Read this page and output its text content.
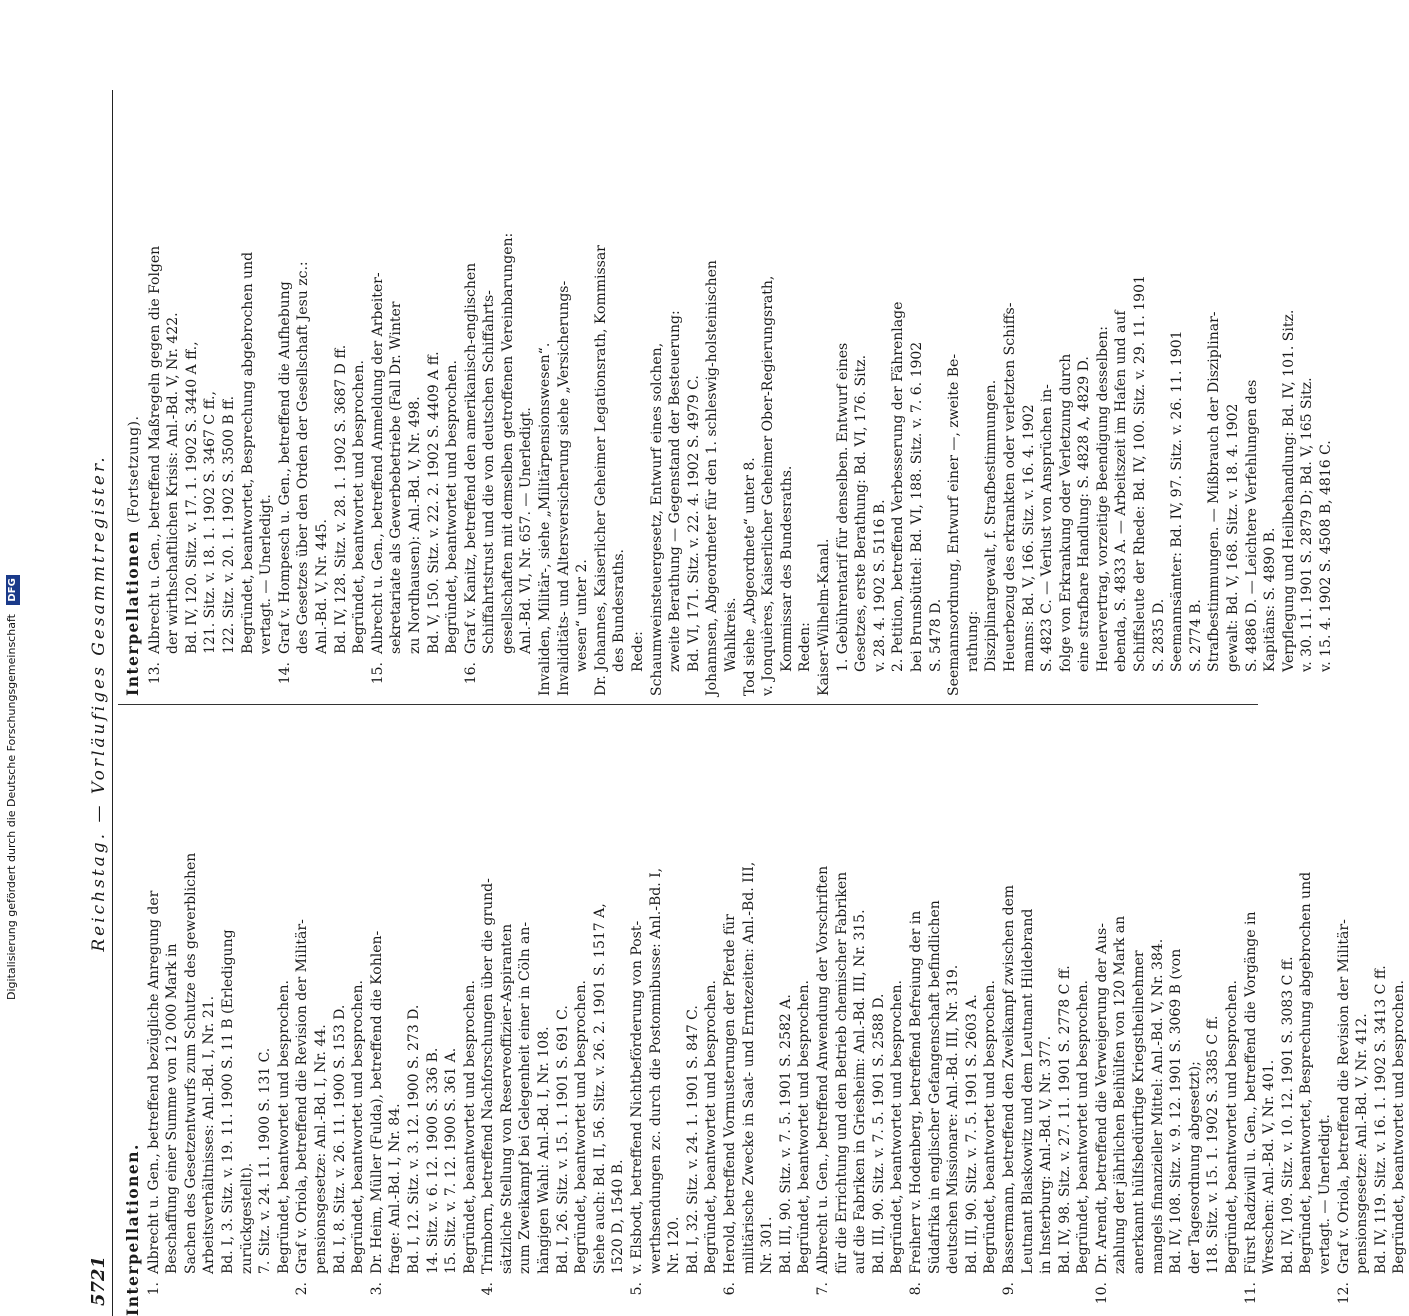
5721
Reichstag. — Vorläufiges Gesammtregister.
Interpellationen. 1.
Albrecht u. Gen., betreffend bezügliche Anregung der Beschaffung einer Summe von 12 000 Mark in Sachen des Gesetzentwurfs zum Schutze des gewerblichen Arbeitsverhältnisses: Anl.-Bd. I, Nr. 21. Bd. I, 3. Sitz. v. 19. 11. 1900 S. 11 B (Erledigung zurückgestellt). 7. Sitz. v. 24. 11. 1900 S. 131 C. Begründet, beantwortet und besprochen.
2.
Graf v. Oriola, betreffend die Revision der Militär- pensionsgesetze: Anl.-Bd. I, Nr. 44. Bd. I, 8. Sitz. v. 26. 11. 1900 S. 153 D. Begründet, beantwortet und besprochen.
3.
Dr. Heim, Müller (Fulda), betreffend die Kohlen- frage: Anl.-Bd. I, Nr. 84. Bd. I, 12. Sitz. v. 3. 12. 1900 S. 273 D. 14. Sitz. v. 6. 12. 1900 S. 336 B. 15. Sitz. v. 7. 12. 1900 S. 361 A. Begründet, beantwortet und besprochen.
4.
Trimborn, betreffend Nachforschungen über die grund- sätzliche Stellung von Reserveoffizier-Aspiranten zum Zweikampf bei Gelegenheit einer in Cöln an- hängigen Wahl: Anl.-Bd. I, Nr. 108. Bd. I, 26. Sitz. v. 15. 1. 1901 S. 691 C. Begründet, beantwortet und besprochen. Siehe auch: Bd. II, 56. Sitz. v. 26. 2. 1901 S. 1517 A, 1520 D, 1540 B.
5.
v. Elsbodt, betreffend Nichtbeförderung von Post- werthsendungen zc. durch die Postomnibusse: Anl.-Bd. I, Nr. 120. Bd. I, 32. Sitz. v. 24. 1. 1901 S. 847 C. Begründet, beantwortet und besprochen.
6.
Herold, betreffend Vormusterungen der Pferde für militärische Zwecke in Saat- und Erntezeiten: Anl.-Bd. III, Nr. 301. Bd. III, 90. Sitz. v. 7. 5. 1901 S. 2582 A. Begründet, beantwortet und besprochen.
7.
Albrecht u. Gen., betreffend Anwendung der Vorschriften für die Errichtung und den Betrieb chemischer Fabriken auf die Fabriken in Griesheim: Anl.-Bd. III, Nr. 315. Bd. III, 90. Sitz. v. 7. 5. 1901 S. 2588 D. Begründet, beantwortet und besprochen.
8.
Freiherr v. Hodenberg, betreffend Befreiung der in Südafrika in englischer Gefangenschaft befindlichen deutschen Missionare: Anl.-Bd. III, Nr. 319. Bd. III, 90. Sitz. v. 7. 5. 1901 S. 2603 A. Begründet, beantwortet und besprochen.
9.
Bassermann, betreffend den Zweikampf zwischen dem Leutnant Blaskowitz und dem Leutnant Hildebrand in Insterburg: Anl.-Bd. V, Nr. 377. Bd. IV, 98. Sitz. v. 27. 11. 1901 S. 2778 C ff. Begründet, beantwortet und besprochen.
10.
Dr. Arendt, betreffend die Verweigerung der Aus- zahlung der jährlichen Beihülfen von 120 Mark an anerkannt hülfsbedürftige Kriegstheilnehmer mangels finanzieller Mittel: Anl.-Bd. V, Nr. 384. Bd. IV, 108. Sitz. v. 9. 12. 1901 S. 3069 B (von der Tagesordnung abgesetzt); 118. Sitz. v. 15. 1. 1902 S. 3385 C ff. Begründet, beantwortet und besprochen.
11.
Fürst Radziwill u. Gen., betreffend die Vorgänge in Wreschen: Anl.-Bd. V, Nr. 401. Bd. IV, 109. Sitz. v. 10. 12. 1901 S. 3083 C ff. Begründet, beantwortet, Besprechung abgebrochen und vertagt. — Unerledigt.
12.
Graf v. Oriola, betreffend die Revision der Militär- pensionsgesetze: Anl.-Bd. V, Nr. 412. Bd. IV, 119. Sitz. v. 16. 1. 1902 S. 3413 C ff. Begründet, beantwortet und besprochen.
Interpellationen (Fortsetzung).
13.
Albrecht u. Gen., betreffend Maßregeln gegen die Folgen der wirthschaftlichen Krisis: Anl.-Bd. V, Nr. 422. Bd. IV, 120. Sitz. v. 17. 1. 1902 S. 3440 A ff., 121. Sitz. v. 18. 1. 1902 S. 3467 C ff., 122. Sitz. v. 20. 1. 1902 S. 3500 B ff. Begründet, beantwortet, Besprechung abgebrochen und vertagt. — Unerledigt.
14.
Graf v. Hompesch u. Gen., betreffend die Aufhebung des Gesetzes über den Orden der Gesellschaft Jesu zc.: Anl.-Bd. V, Nr. 445. Bd. IV, 128. Sitz. v. 28. 1. 1902 S. 3687 D ff. Begründet, beantwortet und besprochen.
15.
Albrecht u. Gen., betreffend Anmeldung der Arbeiter- sekretariate als Gewerbebetriebe (Fall Dr. Winter zu Nordhausen): Anl.-Bd. V, Nr. 498. Bd. V, 150. Sitz. v. 22. 2. 1902 S. 4409 A ff. Begründet, beantwortet und besprochen.
16.
Graf v. Kanitz, betreffend den amerikanisch-englischen Schiffahrtstrust und die von deutschen Schiffahrts- gesellschaften mit demselben getroffenen Vereinbarungen: Anl.-Bd. VI, Nr. 657. — Unerledigt. Invaliden, Militär-, siehe „Militärpensionswesen“. Invaliditäts- und Altersversicherung siehe „Versicherungs- wesen“ unter 2. Dr. Johannes, Kaiserlicher Geheimer Legationsrath, Kommissar des Bundesraths. Rede: Schaumweinsteuergesetz, Entwurf eines solchen, zweite Berathung — Gegenstand der Besteuerung: Bd. VI, 171. Sitz. v. 22. 4. 1902 S. 4979 C. Johannsen, Abgeordneter für den 1. schleswig-holsteinischen Wahlkreis. Tod siehe „Abgeordnete“ unter 8. v. Jonquières, Kaiserlicher Geheimer Ober-Regierungsrath, Kommissar des Bundesraths. Reden: Kaiser-Wilhelm-Kanal. 1. Gebührentarif für denselben. Entwurf eines Gesetzes, erste Berathung: Bd. VI, 176. Sitz. v. 28. 4. 1902 S. 5116 B. 2. Petition, betreffend Verbesserung der Fährenlage bei Brunsbüttel: Bd. VI, 188. Sitz. v. 7. 6. 1902 S. 5478 D. Seemannsordnung, Entwurf einer —, zweite Be- rathung: Disziplinargewalt, f. Strafbestimmungen. Heuerbezug des erkrankten oder verletzten Schiffs- manns: Bd. V, 166. Sitz. v. 16. 4. 1902 S. 4823 C. — Verlust von Ansprüchen in- folge von Erkrankung oder Verletzung durch eine strafbare Handlung: S. 4828 A, 4829 D. Heuervertrag, vorzeitige Beendigung desselben: ebenda, S. 4833 A. — Arbeitszeit im Hafen und auf Schiffsleute der Rhede: Bd. IV, 100. Sitz. v. 29. 11. 1901 S. 2835 D. Seemannsämter: Bd. IV, 97. Sitz. v. 26. 11. 1901 S. 2774 B. Strafbestimmungen. — Mißbrauch der Disziplinar- gewalt: Bd. V, 168. Sitz. v. 18. 4. 1902 S. 4886 D. — Leichtere Verfehlungen des Kapitäns: S. 4890 B. Verpflegung und Heilbehandlung: Bd. IV, 101. Sitz. v. 30. 11. 1901 S. 2879 D; Bd. V, 165 Sitz. v. 15. 4. 1902 S. 4508 B, 4816 C.
Digitalisierung gefördert durch die Deutsche Forschungsgemeinschaft DFG
